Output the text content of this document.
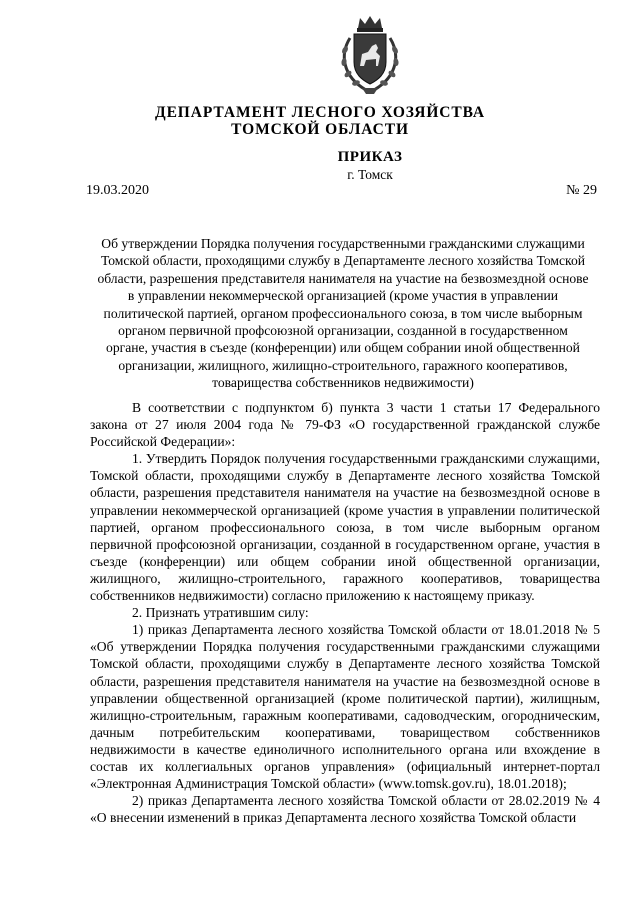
ДЕПАРТАМЕНТ ЛЕСНОГО ХОЗЯЙСТВА
ТОМСКОЙ ОБЛАСТИ
ПРИКАЗ
г. Томск
19.03.2020	№ 29
Об утверждении Порядка получения государственными гражданскими служащими
Томской области, проходящими службу в Департаменте лесного хозяйства Томской
области, разрешения представителя нанимателя на участие на безвозмездной основе
в управлении некоммерческой организацией (кроме участия в управлении
политической партией, органом профессионального союза, в том числе выборным
органом первичной профсоюзной организации, созданной в государственном
органе, участия в съезде (конференции) или общем собрании иной общественной
организации, жилищного, жилищно-строительного, гаражного кооперативов,
товарищества собственников недвижимости)

В соответствии с подпунктом б) пункта 3 части 1 статьи 17 Федерального закона от 27 июля 2004 года № 79-ФЗ «О государственной гражданской службе Российской Федерации»:

1. Утвердить Порядок получения государственными гражданскими служащими, Томской области, проходящими службу в Департаменте лесного хозяйства Томской области, разрешения представителя нанимателя на участие на безвозмездной основе в управлении некоммерческой организацией (кроме участия в управлении политической партией, органом профессионального союза, в том числе выборным органом первичной профсоюзной организации, созданной в государственном органе, участия в съезде (конференции) или общем собрании иной общественной организации, жилищного, жилищно-строительного, гаражного кооперативов, товарищества собственников недвижимости) согласно приложению к настоящему приказу.

2. Признать утратившим силу:

1) приказ Департамента лесного хозяйства Томской области от 18.01.2018 № 5 «Об утверждении Порядка получения государственными гражданскими служащими Томской области, проходящими службу в Департаменте лесного хозяйства Томской области, разрешения представителя нанимателя на участие на безвозмездной основе в управлении общественной организацией (кроме политической партии), жилищным, жилищно-строительным, гаражным кооперативами, садоводческим, огородническим, дачным потребительским кооперативами, товариществом собственников недвижимости в качестве единоличного исполнительного органа или вхождение в состав их коллегиальных органов управления» (официальный интернет-портал «Электронная Администрация Томской области» (www.tomsk.gov.ru), 18.01.2018);

2) приказ Департамента лесного хозяйства Томской области от 28.02.2019 № 4 «О внесении изменений в приказ Департамента лесного хозяйства Томской области
